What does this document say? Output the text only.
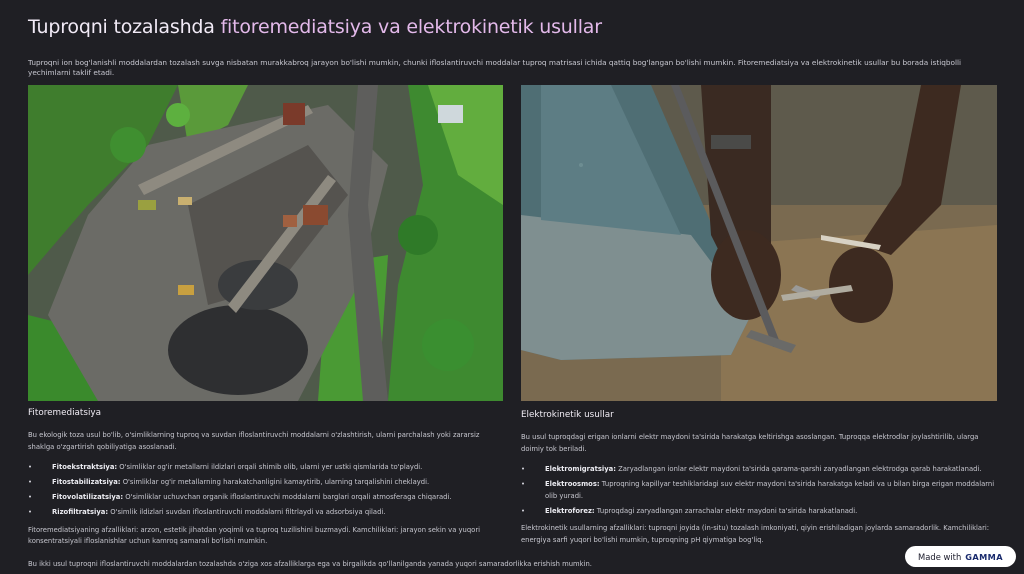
Tuproqni tozalashda fitoremediatsiya va elektrokinetik usullar

Tuproqni ion bog'lanishli moddalardan tozalash suvga nisbatan murakkabroq jarayon bo'lishi mumkin, chunki ifloslantiruvchi moddalar tuproq matrisasi ichida qattiq bog'langan bo'lishi mumkin. Fitoremediatsiya va elektrokinetik usullar bu borada istiqbolli yechimlarni taklif etadi.

Fitoremediatsiya

Bu ekologik toza usul bo'lib, o'simliklarning tuproq va suvdan ifloslantiruvchi moddalarni o'zlashtirish, ularni parchalash yoki zararsiz shaklga o'zgartirish qobiliyatiga asoslanadi.

•	Fitoekstraktsiya: O'simliklar og'ir metallarni ildizlari orqali shimib olib, ularni yer ustki qismlarida to'playdi.
•	Fitostabilizatsiya: O'simliklar og'ir metallarning harakatchanligini kamaytirib, ularning tarqalishini cheklaydi.
•	Fitovolatilizatsiya: O'simliklar uchuvchan organik ifloslantiruvchi moddalarni barglari orqali atmosferaga chiqaradi.
•	Rizofiltratsiya: O'simlik ildizlari suvdan ifloslantiruvchi moddalarni filtrlaydi va adsorbsiya qiladi.

Fitoremediatsiyaning afzalliklari: arzon, estetik jihatdan yoqimli va tuproq tuzilishini buzmaydi. Kamchiliklari: jarayon sekin va yuqori konsentratsiyali ifloslanishlar uchun kamroq samarali bo'lishi mumkin.

Elektrokinetik usullar

Bu usul tuproqdagi erigan ionlarni elektr maydoni ta'sirida harakatga keltirishga asoslangan. Tuproqqa elektrodlar joylashtirilib, ularga doimiy tok beriladi.

•	Elektromigratsiya: Zaryadlangan ionlar elektr maydoni ta'sirida qarama-qarshi zaryadlangan elektrodga qarab harakatlanadi.
•	Elektroosmos: Tuproqning kapillyar teshiklaridagi suv elektr maydoni ta'sirida harakatga keladi va u bilan birga erigan moddalarni olib yuradi.
•	Elektroforez: Tuproqdagi zaryadlangan zarrachalar elektr maydoni ta'sirida harakatlanadi.

Elektrokinetik usullarning afzalliklari: tuproqni joyida (in-situ) tozalash imkoniyati, qiyin erishiladigan joylarda samaradorlik. Kamchiliklari: energiya sarfi yuqori bo'lishi mumkin, tuproqning pH qiymatiga bog'liq.

Bu ikki usul tuproqni ifloslantiruvchi moddalardan tozalashda o'ziga xos afzalliklarga ega va birgalikda qo'llanilganda yanada yuqori samaradorlikka erishish mumkin.

Made with GAMMA
